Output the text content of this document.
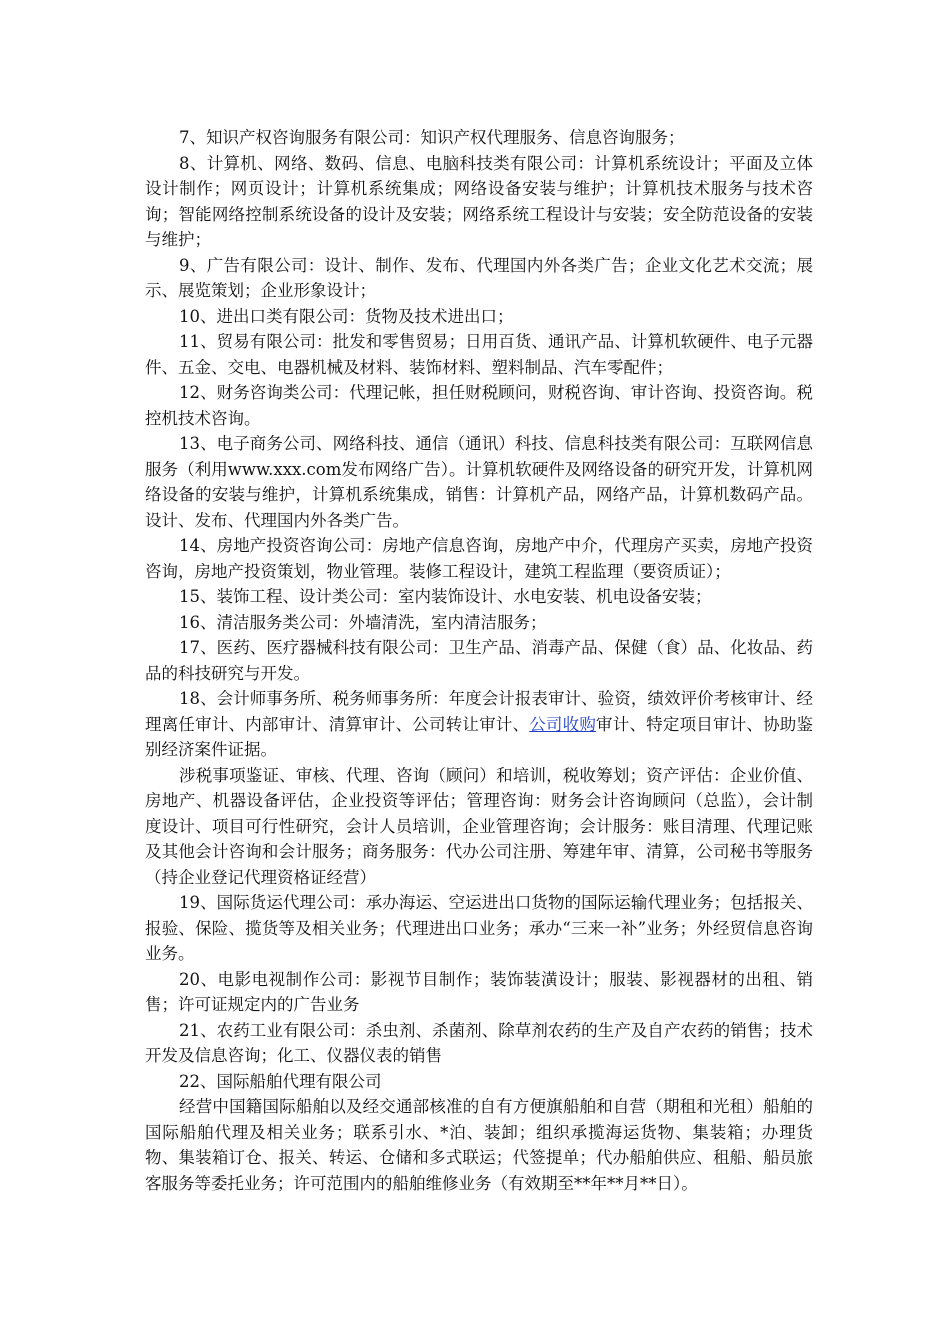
7、知识产权咨询服务有限公司：知识产权代理服务、信息咨询服务；

8、计算机、网络、数码、信息、电脑科技类有限公司：计算机系统设计；平面及立体设计制作；网页设计；计算机系统集成；网络设备安装与维护；计算机技术服务与技术咨询；智能网络控制系统设备的设计及安装；网络系统工程设计与安装；安全防范设备的安装与维护；

9、广告有限公司：设计、制作、发布、代理国内外各类广告；企业文化艺术交流；展示、展览策划；企业形象设计；

10、进出口类有限公司：货物及技术进出口；

11、贸易有限公司：批发和零售贸易；日用百货、通讯产品、计算机软硬件、电子元器件、五金、交电、电器机械及材料、装饰材料、塑料制品、汽车零配件；

12、财务咨询类公司：代理记帐，担任财税顾问，财税咨询、审计咨询、投资咨询。税控机技术咨询。

13、电子商务公司、网络科技、通信（通讯）科技、信息科技类有限公司：互联网信息服务（利用www.xxx.com发布网络广告）。计算机软硬件及网络设备的研究开发，计算机网络设备的安装与维护，计算机系统集成，销售：计算机产品，网络产品，计算机数码产品。设计、发布、代理国内外各类广告。

14、房地产投资咨询公司：房地产信息咨询，房地产中介，代理房产买卖，房地产投资咨询，房地产投资策划，物业管理。装修工程设计，建筑工程监理（要资质证）；

15、装饰工程、设计类公司：室内装饰设计、水电安装、机电设备安装；

16、清洁服务类公司：外墙清洗，室内清洁服务；

17、医药、医疗器械科技有限公司：卫生产品、消毒产品、保健（食）品、化妆品、药品的科技研究与开发。

18、会计师事务所、税务师事务所：年度会计报表审计、验资，绩效评价考核审计、经理离任审计、内部审计、清算审计、公司转让审计、公司收购审计、特定项目审计、协助鉴别经济案件证据。

涉税事项鉴证、审核、代理、咨询（顾问）和培训，税收筹划；资产评估：企业价值、房地产、机器设备评估，企业投资等评估；管理咨询：财务会计咨询顾问（总监），会计制度设计、项目可行性研究，会计人员培训，企业管理咨询；会计服务：账目清理、代理记账及其他会计咨询和会计服务；商务服务：代办公司注册、筹建年审、清算，公司秘书等服务（持企业登记代理资格证经营）

19、国际货运代理公司：承办海运、空运进出口货物的国际运输代理业务；包括报关、报验、保险、揽货等及相关业务；代理进出口业务；承办“三来一补”业务；外经贸信息咨询业务。

20、电影电视制作公司：影视节目制作；装饰装潢设计；服装、影视器材的出租、销售；许可证规定内的广告业务

21、农药工业有限公司：杀虫剂、杀菌剂、除草剂农药的生产及自产农药的销售；技术开发及信息咨询；化工、仪器仪表的销售

22、国际船舶代理有限公司

经营中国籍国际船舶以及经交通部核准的自有方便旗船舶和自营（期租和光租）船舶的国际船舶代理及相关业务；联系引水、*泊、装卸；组织承揽海运货物、集装箱；办理货物、集装箱订仓、报关、转运、仓储和多式联运；代签提单；代办船舶供应、租船、船员旅客服务等委托业务；许可范围内的船舶维修业务（有效期至**年**月**日）。
